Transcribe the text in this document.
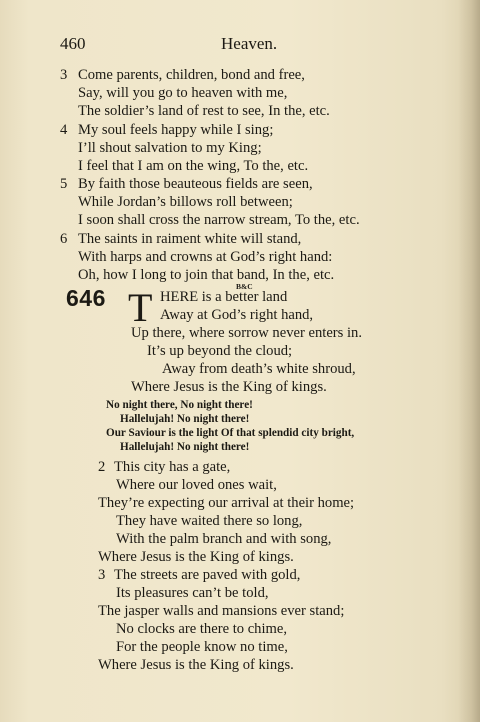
460	Heaven.
3 Come parents, children, bond and free,
Say, will you go to heaven with me,
The soldier’s land of rest to see, In the, etc.
4 My soul feels happy while I sing;
I’ll shout salvation to my King;
I feel that I am on the wing, To the, etc.
5 By faith those beauteous fields are seen,
While Jordan’s billows roll between;
I soon shall cross the narrow stream, To the, etc.
6 The saints in raiment white will stand,
With harps and crowns at God’s right hand:
Oh, how I long to join that band, In the, etc.
646	B&C
T HERE is a better land
Away at God’s right hand,
Up there, where sorrow never enters in.
It’s up beyond the cloud;
Away from death’s white shroud,
Where Jesus is the King of kings.
No night there, No night there!
Hallelujah! No night there!
Our Saviour is the light Of that splendid city bright,
Hallelujah! No night there!
2 This city has a gate,
Where our loved ones wait,
They’re expecting our arrival at their home;
They have waited there so long,
With the palm branch and with song,
Where Jesus is the King of kings.
3 The streets are paved with gold,
Its pleasures can’t be told,
The jasper walls and mansions ever stand;
No clocks are there to chime,
For the people know no time,
Where Jesus is the King of kings.
